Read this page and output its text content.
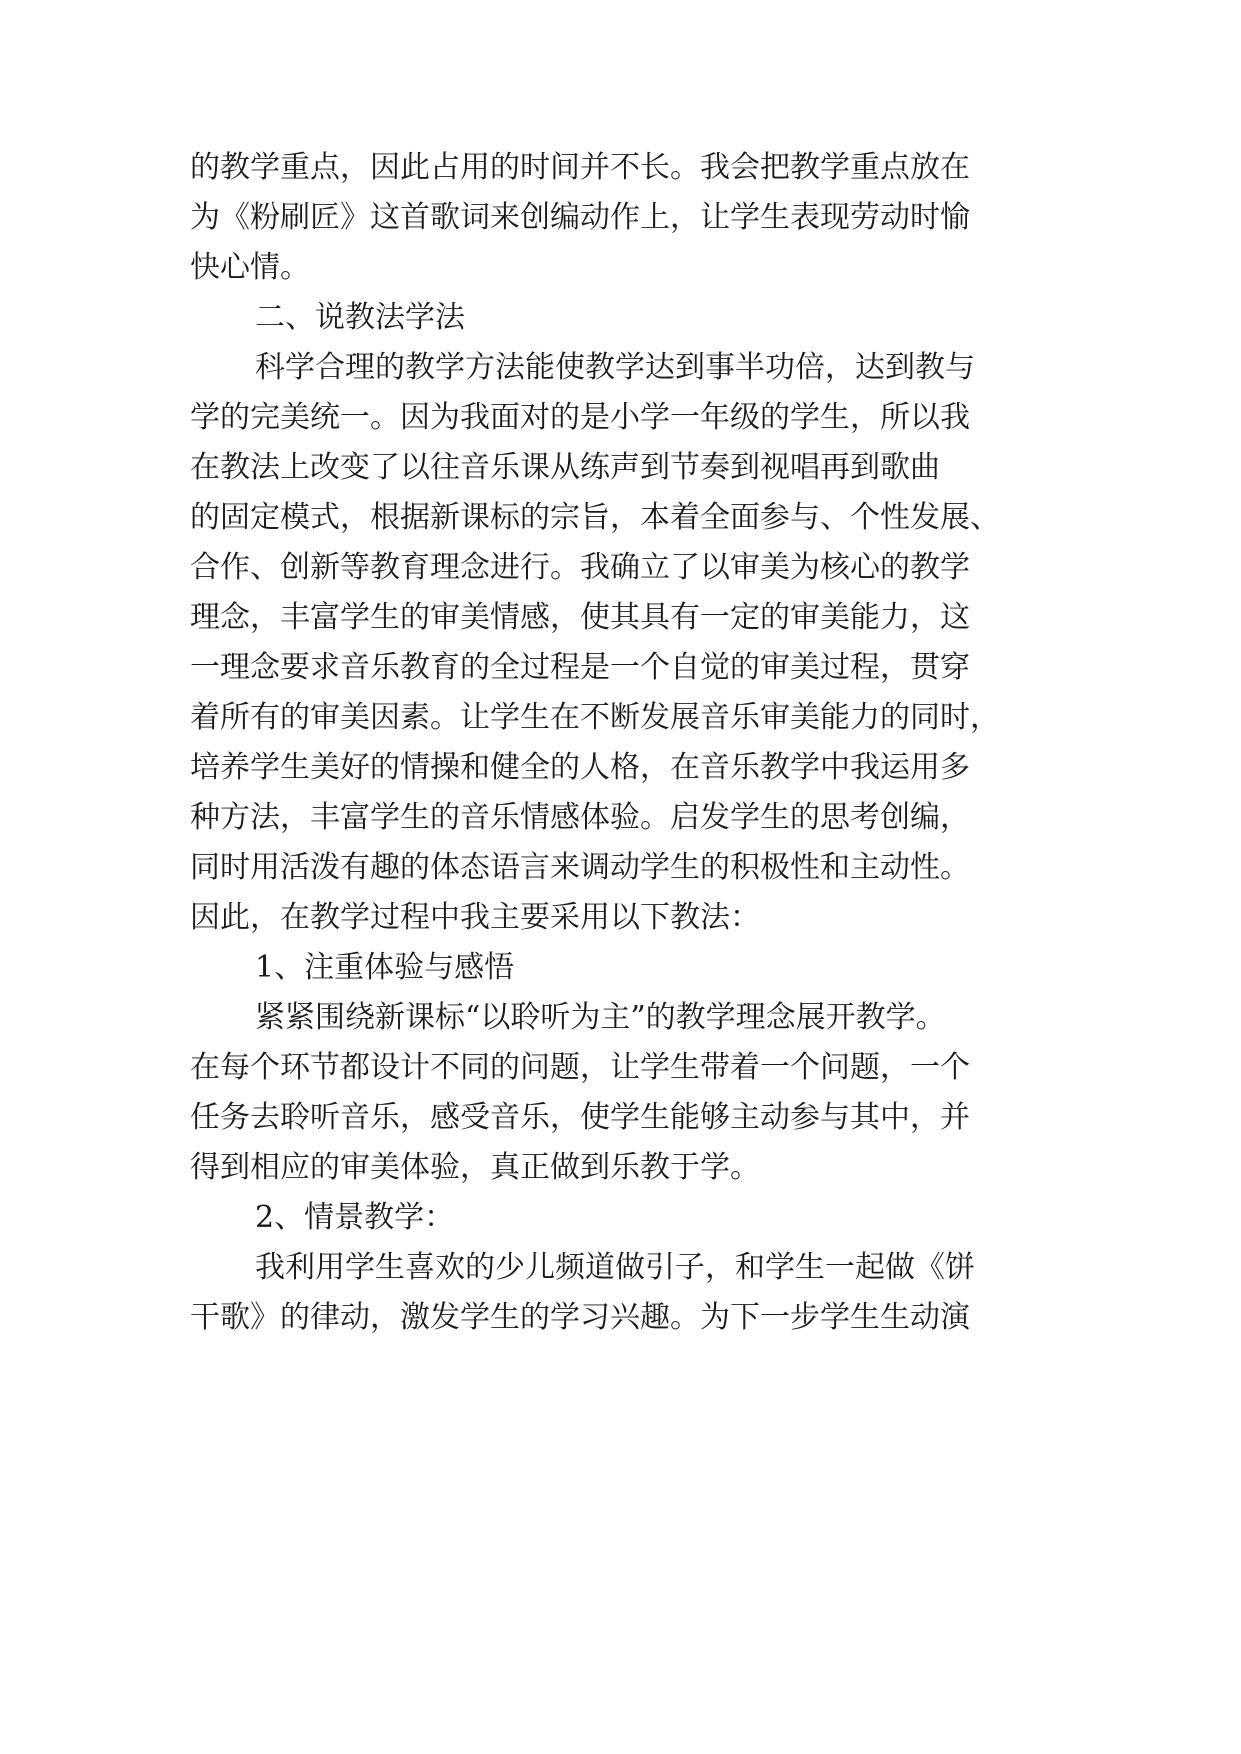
的教学重点，因此占用的时间并不长。我会把教学重点放在
为《粉刷匠》这首歌词来创编动作上，让学生表现劳动时愉
快心情。
二、说教法学法
科学合理的教学方法能使教学达到事半功倍，达到教与
学的完美统一。因为我面对的是小学一年级的学生，所以我
在教法上改变了以往音乐课从练声到节奏到视唱再到歌曲
的固定模式，根据新课标的宗旨，本着全面参与、个性发展、
合作、创新等教育理念进行。我确立了以审美为核心的教学
理念，丰富学生的审美情感，使其具有一定的审美能力，这
一理念要求音乐教育的全过程是一个自觉的审美过程，贯穿
着所有的审美因素。让学生在不断发展音乐审美能力的同时，
培养学生美好的情操和健全的人格，在音乐教学中我运用多
种方法，丰富学生的音乐情感体验。启发学生的思考创编，
同时用活泼有趣的体态语言来调动学生的积极性和主动性。
因此，在教学过程中我主要采用以下教法：
1、注重体验与感悟
紧紧围绕新课标“以聆听为主”的教学理念展开教学。
在每个环节都设计不同的问题，让学生带着一个问题，一个
任务去聆听音乐，感受音乐，使学生能够主动参与其中，并
得到相应的审美体验，真正做到乐教于学。
2、情景教学：
我利用学生喜欢的少儿频道做引子，和学生一起做《饼
干歌》的律动，激发学生的学习兴趣。为下一步学生生动演
